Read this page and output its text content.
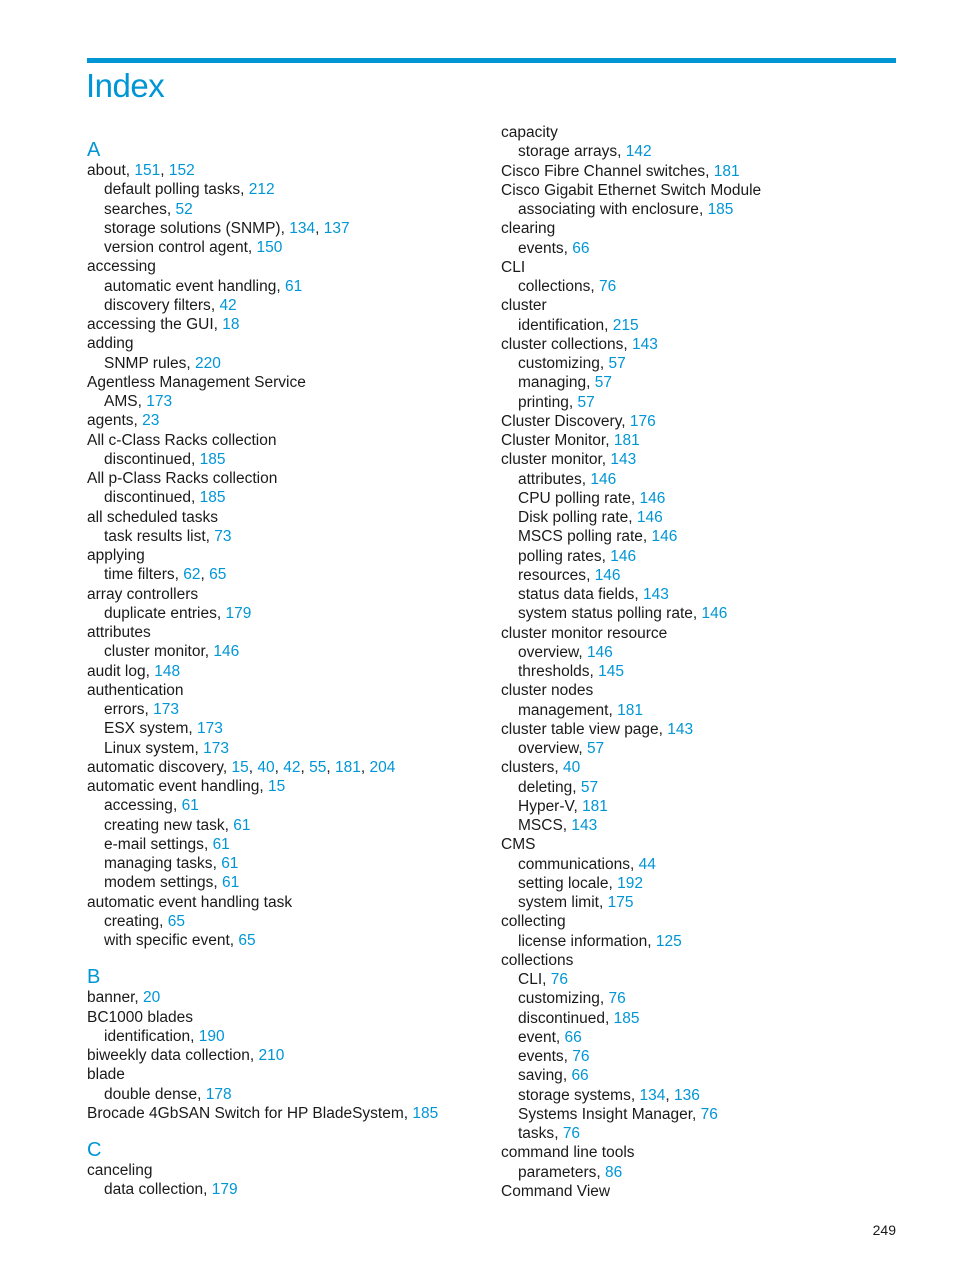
Index
A
about, 151, 152
default polling tasks, 212
searches, 52
storage solutions (SNMP), 134, 137
version control agent, 150
accessing
automatic event handling, 61
discovery filters, 42
accessing the GUI, 18
adding
SNMP rules, 220
Agentless Management Service
AMS, 173
agents, 23
All c-Class Racks collection
discontinued, 185
All p-Class Racks collection
discontinued, 185
all scheduled tasks
task results list, 73
applying
time filters, 62, 65
array controllers
duplicate entries, 179
attributes
cluster monitor, 146
audit log, 148
authentication
errors, 173
ESX system, 173
Linux system, 173
automatic discovery, 15, 40, 42, 55, 181, 204
automatic event handling, 15
accessing, 61
creating new task, 61
e-mail settings, 61
managing tasks, 61
modem settings, 61
automatic event handling task
creating, 65
with specific event, 65
B
banner, 20
BC1000 blades
identification, 190
biweekly data collection, 210
blade
double dense, 178
Brocade 4GbSAN Switch for HP BladeSystem, 185
C
canceling
data collection, 179
capacity
storage arrays, 142
Cisco Fibre Channel switches, 181
Cisco Gigabit Ethernet Switch Module
associating with enclosure, 185
clearing
events, 66
CLI
collections, 76
cluster
identification, 215
cluster collections, 143
customizing, 57
managing, 57
printing, 57
Cluster Discovery, 176
Cluster Monitor, 181
cluster monitor, 143
attributes, 146
CPU polling rate, 146
Disk polling rate, 146
MSCS polling rate, 146
polling rates, 146
resources, 146
status data fields, 143
system status polling rate, 146
cluster monitor resource
overview, 146
thresholds, 145
cluster nodes
management, 181
cluster table view page, 143
overview, 57
clusters, 40
deleting, 57
Hyper-V, 181
MSCS, 143
CMS
communications, 44
setting locale, 192
system limit, 175
collecting
license information, 125
collections
CLI, 76
customizing, 76
discontinued, 185
event, 66
events, 76
saving, 66
storage systems, 134, 136
Systems Insight Manager, 76
tasks, 76
command line tools
parameters, 86
Command View
249
